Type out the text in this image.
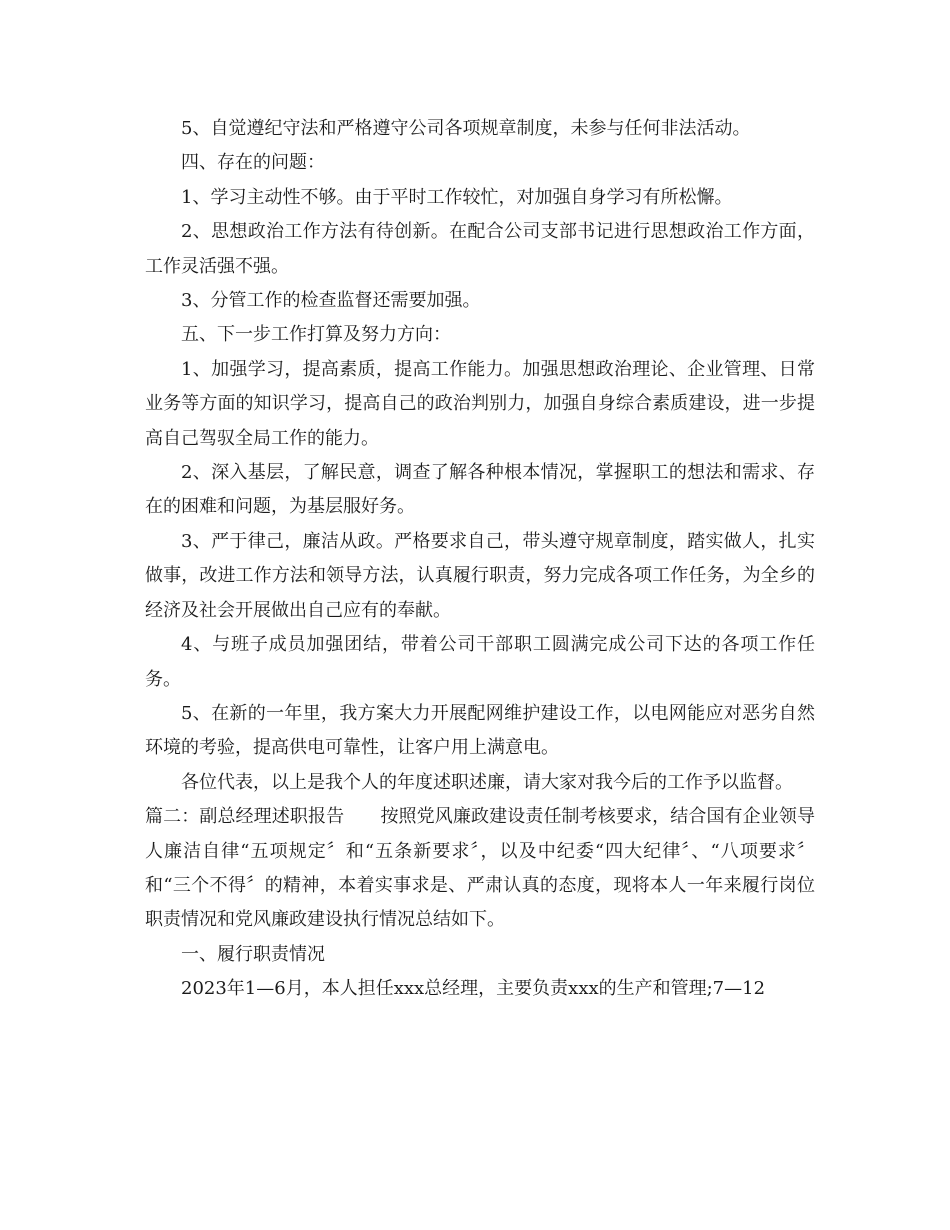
5、自觉遵纪守法和严格遵守公司各项规章制度，未参与任何非法活动。

四、存在的问题：

1、学习主动性不够。由于平时工作较忙，对加强自身学习有所松懈。

2、思想政治工作方法有待创新。在配合公司支部书记进行思想政治工作方面，工作灵活强不强。

3、分管工作的检查监督还需要加强。

五、下一步工作打算及努力方向：

1、加强学习，提高素质，提高工作能力。加强思想政治理论、企业管理、日常业务等方面的知识学习，提高自己的政治判别力，加强自身综合素质建设，进一步提高自己驾驭全局工作的能力。

2、深入基层，了解民意，调查了解各种根本情况，掌握职工的想法和需求、存在的困难和问题，为基层服好务。

3、严于律己，廉洁从政。严格要求自己，带头遵守规章制度，踏实做人，扎实做事，改进工作方法和领导方法，认真履行职责，努力完成各项工作任务，为全乡的经济及社会开展做出自己应有的奉献。

4、与班子成员加强团结，带着公司干部职工圆满完成公司下达的各项工作任务。

5、在新的一年里，我方案大力开展配网维护建设工作，以电网能应对恶劣自然环境的考验，提高供电可靠性，让客户用上满意电。

各位代表，以上是我个人的年度述职述廉，请大家对我今后的工作予以监督。

篇二：副总经理述职报告　　按照党风廉政建设责任制考核要求，结合国有企业领导人廉洁自律“五项规定〞和“五条新要求〞，以及中纪委“四大纪律〞、“八项要求〞和“三个不得〞的精神，本着实事求是、严肃认真的态度，现将本人一年来履行岗位职责情况和党风廉政建设执行情况总结如下。

一、履行职责情况

2023年1—6月，本人担任xxx总经理，主要负责xxx的生产和管理;7—12
